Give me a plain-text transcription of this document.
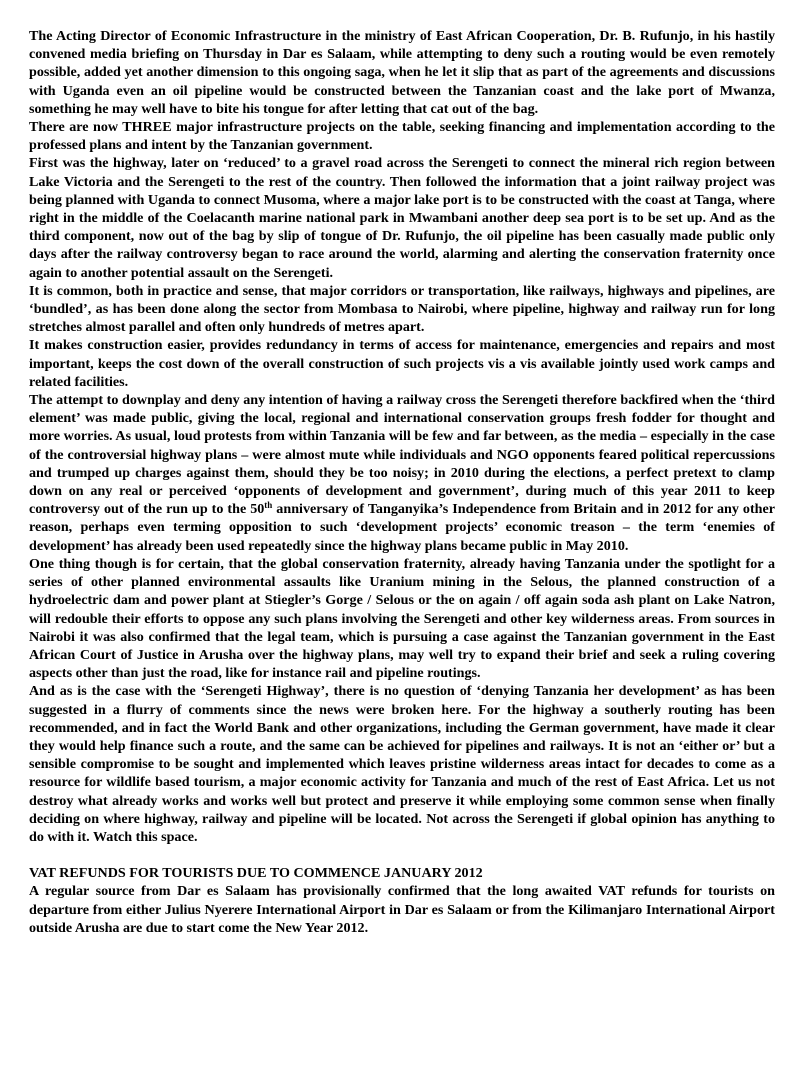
The Acting Director of Economic Infrastructure in the ministry of East African Cooperation, Dr. B. Rufunjo, in his hastily convened media briefing on Thursday in Dar es Salaam, while attempting to deny such a routing would be even remotely possible, added yet another dimension to this ongoing saga, when he let it slip that as part of the agreements and discussions with Uganda even an oil pipeline would be constructed between the Tanzanian coast and the lake port of Mwanza, something he may well have to bite his tongue for after letting that cat out of the bag.

There are now THREE major infrastructure projects on the table, seeking financing and implementation according to the professed plans and intent by the Tanzanian government.

First was the highway, later on ‘reduced’ to a gravel road across the Serengeti to connect the mineral rich region between Lake Victoria and the Serengeti to the rest of the country. Then followed the information that a joint railway project was being planned with Uganda to connect Musoma, where a major lake port is to be constructed with the coast at Tanga, where right in the middle of the Coelacanth marine national park in Mwambani another deep sea port is to be set up. And as the third component, now out of the bag by slip of tongue of Dr. Rufunjo, the oil pipeline has been casually made public only days after the railway controversy began to race around the world, alarming and alerting the conservation fraternity once again to another potential assault on the Serengeti.

It is common, both in practice and sense, that major corridors or transportation, like railways, highways and pipelines, are ‘bundled’, as has been done along the sector from Mombasa to Nairobi, where pipeline, highway and railway run for long stretches almost parallel and often only hundreds of metres apart.

It makes construction easier, provides redundancy in terms of access for maintenance, emergencies and repairs and most important, keeps the cost down of the overall construction of such projects vis a vis available jointly used work camps and related facilities.

The attempt to downplay and deny any intention of having a railway cross the Serengeti therefore backfired when the ‘third element’ was made public, giving the local, regional and international conservation groups fresh fodder for thought and more worries. As usual, loud protests from within Tanzania will be few and far between, as the media – especially in the case of the controversial highway plans – were almost mute while individuals and NGO opponents feared political repercussions and trumped up charges against them, should they be too noisy; in 2010 during the elections, a perfect pretext to clamp down on any real or perceived ‘opponents of development and government’, during much of this year 2011 to keep controversy out of the run up to the 50th anniversary of Tanganyika’s Independence from Britain and in 2012 for any other reason, perhaps even terming opposition to such ‘development projects’ economic treason – the term ‘enemies of development’ has already been used repeatedly since the highway plans became public in May 2010.

One thing though is for certain, that the global conservation fraternity, already having Tanzania under the spotlight for a series of other planned environmental assaults like Uranium mining in the Selous, the planned construction of a hydroelectric dam and power plant at Stiegler’s Gorge / Selous or the on again / off again soda ash plant on Lake Natron, will redouble their efforts to oppose any such plans involving the Serengeti and other key wilderness areas. From sources in Nairobi it was also confirmed that the legal team, which is pursuing a case against the Tanzanian government in the East African Court of Justice in Arusha over the highway plans, may well try to expand their brief and seek a ruling covering aspects other than just the road, like for instance rail and pipeline routings.

And as is the case with the ‘Serengeti Highway’, there is no question of ‘denying Tanzania her development’ as has been suggested in a flurry of comments since the news were broken here. For the highway a southerly routing has been recommended, and in fact the World Bank and other organizations, including the German government, have made it clear they would help finance such a route, and the same can be achieved for pipelines and railways. It is not an ‘either or’ but a sensible compromise to be sought and implemented which leaves pristine wilderness areas intact for decades to come as a resource for wildlife based tourism, a major economic activity for Tanzania and much of the rest of East Africa. Let us not destroy what already works and works well but protect and preserve it while employing some common sense when finally deciding on where highway, railway and pipeline will be located. Not across the Serengeti if global opinion has anything to do with it. Watch this space.

VAT REFUNDS FOR TOURISTS DUE TO COMMENCE JANUARY 2012

A regular source from Dar es Salaam has provisionally confirmed that the long awaited VAT refunds for tourists on departure from either Julius Nyerere International Airport in Dar es Salaam or from the Kilimanjaro International Airport outside Arusha are due to start come the New Year 2012.
